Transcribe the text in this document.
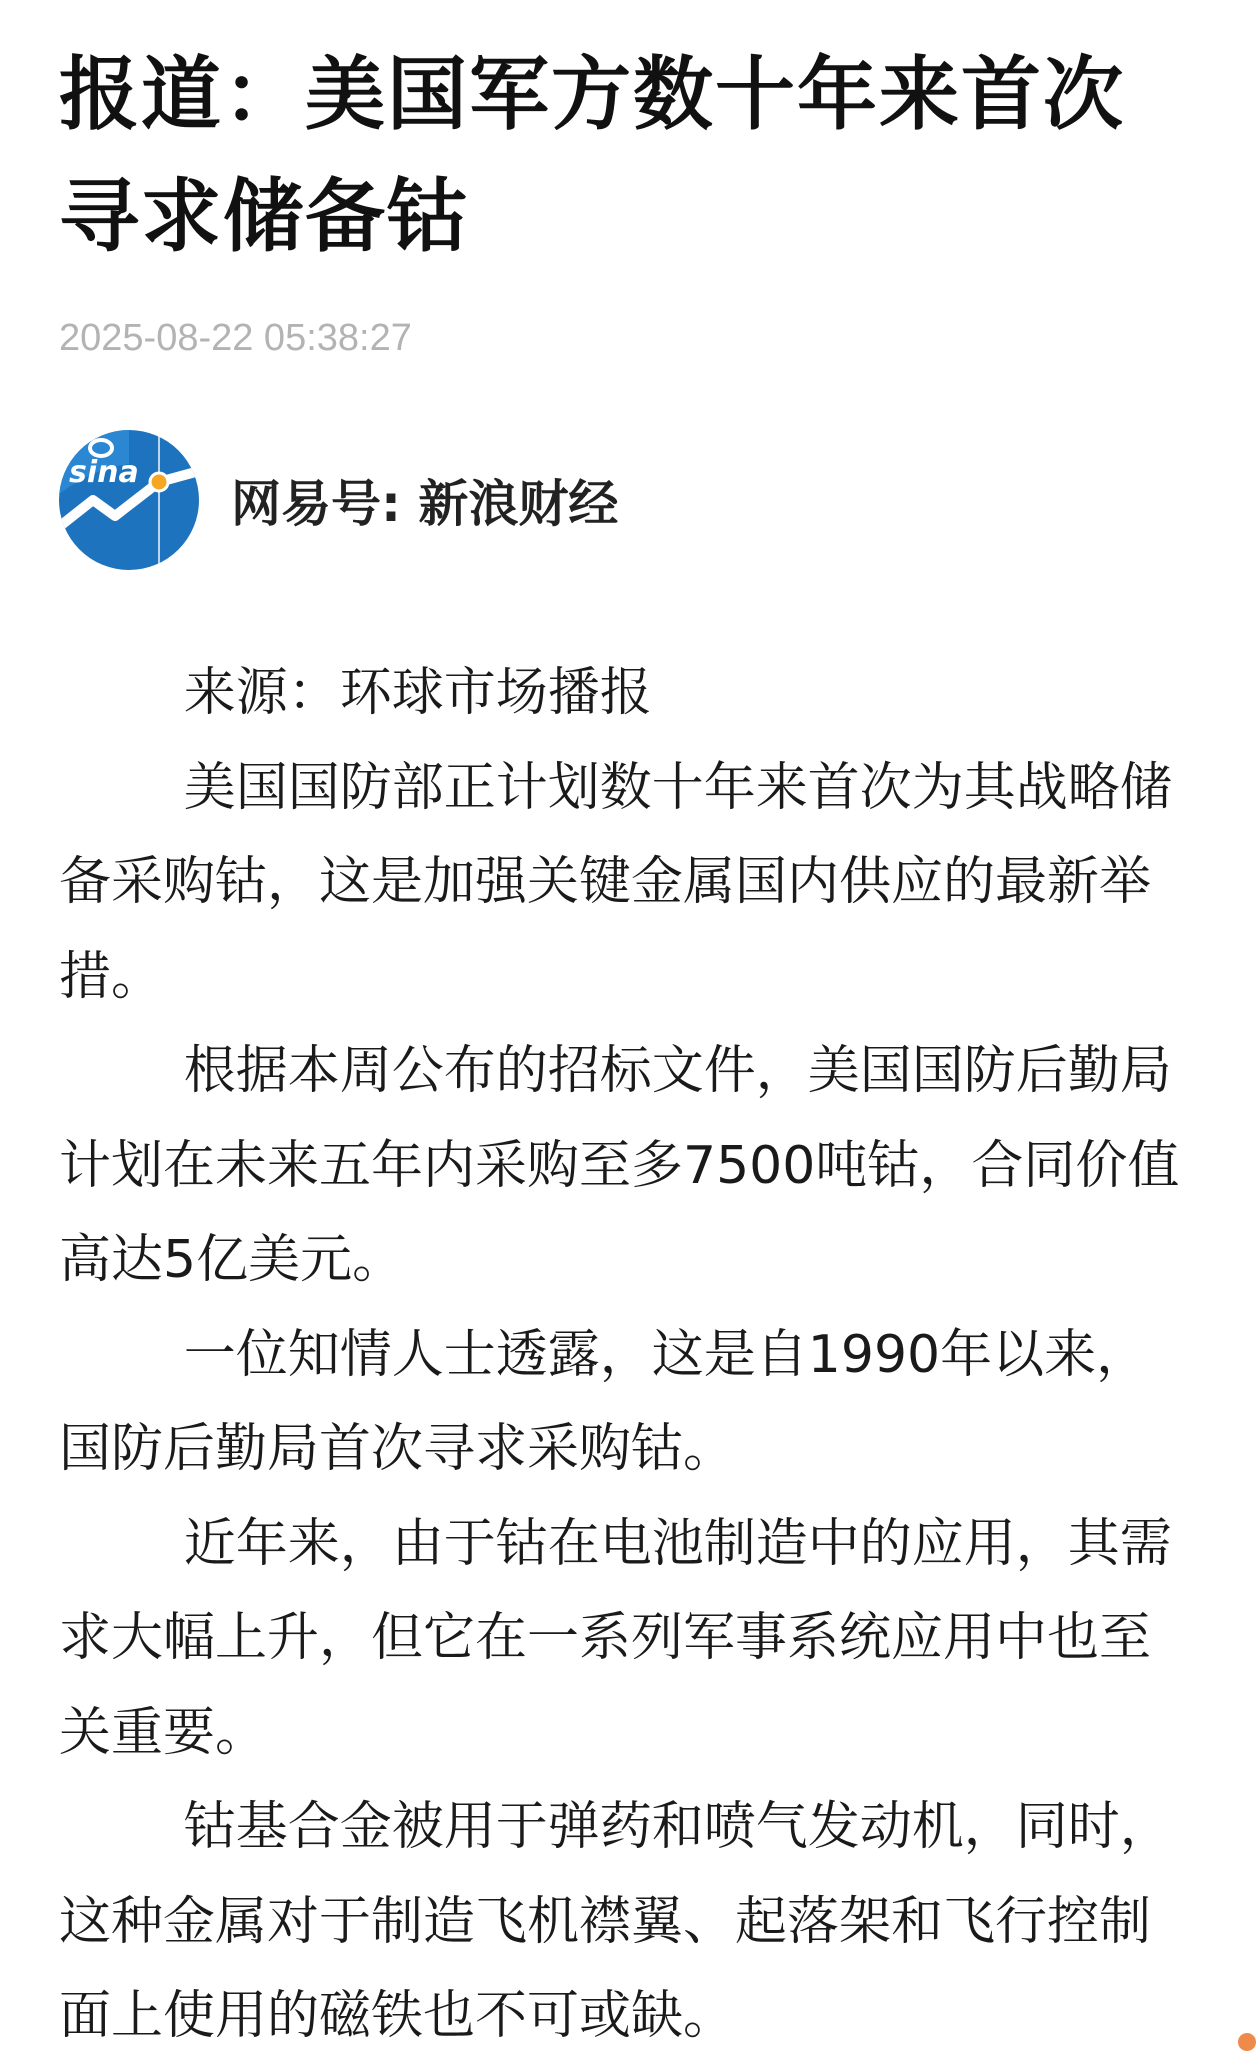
报道：美国军方数十年来首次寻求储备钴
2025-08-22 05:38:27
sina
网易号: 新浪财经

来源：环球市场播报

美国国防部正计划数十年来首次为其战略储备采购钴，这是加强关键金属国内供应的最新举措。

根据本周公布的招标文件，美国国防后勤局计划在未来五年内采购至多7500吨钴，合同价值高达5亿美元。

一位知情人士透露，这是自1990年以来，国防后勤局首次寻求采购钴。

近年来，由于钴在电池制造中的应用，其需求大幅上升，但它在一系列军事系统应用中也至关重要。

钴基合金被用于弹药和喷气发动机，同时，这种金属对于制造飞机襟翼、起落架和飞行控制面上使用的磁铁也不可或缺。
